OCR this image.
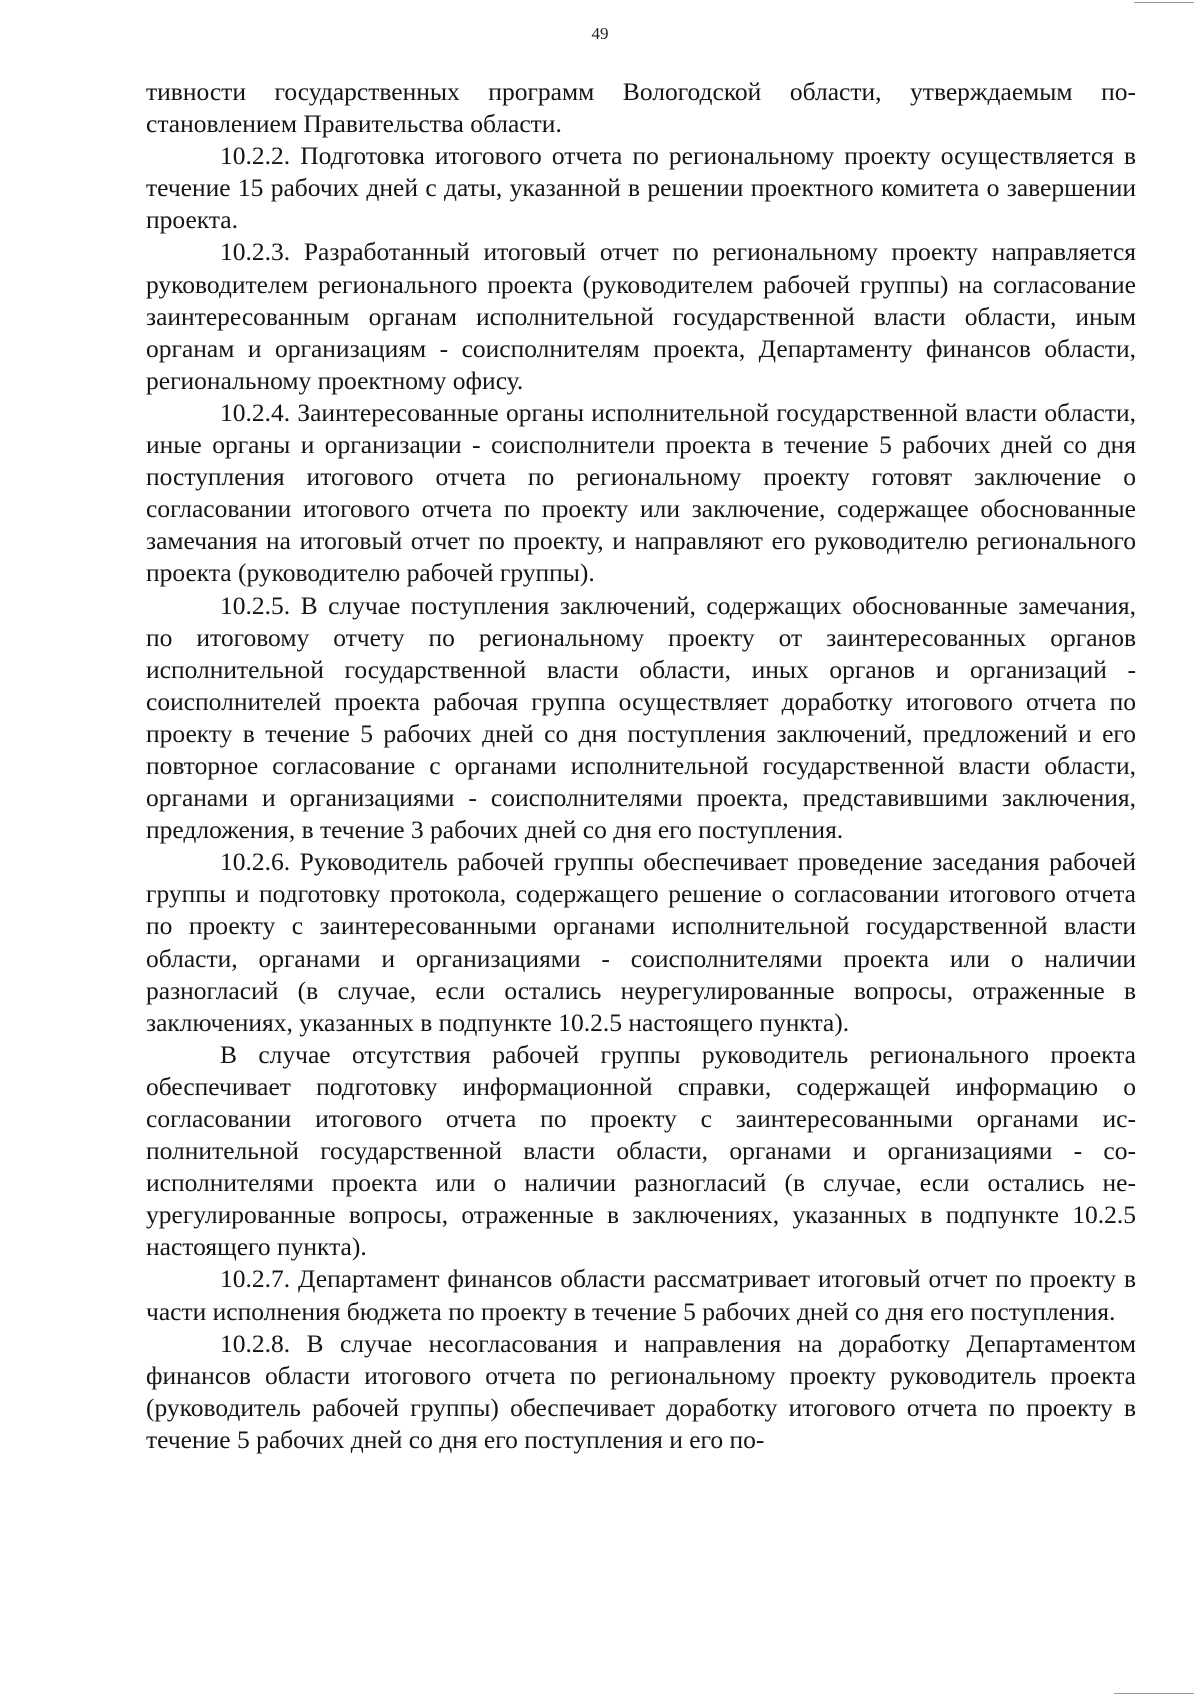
49

тивности государственных программ Вологодской области, утверждаемым постановлением Правительства области.

10.2.2. Подготовка итогового отчета по региональному проекту осуществляется в течение 15 рабочих дней с даты, указанной в решении проектного комитета о завершении проекта.

10.2.3. Разработанный итоговый отчет по региональному проекту направляется руководителем регионального проекта (руководителем рабочей группы) на согласование заинтересованным органам исполнительной государственной власти области, иным органам и организациям - соисполнителям проекта, Департаменту финансов области, региональному проектному офису.

10.2.4. Заинтересованные органы исполнительной государственной власти области, иные органы и организации - соисполнители проекта в течение 5 рабочих дней со дня поступления итогового отчета по региональному проекту готовят заключение о согласовании итогового отчета по проекту или заключение, содержащее обоснованные замечания на итоговый отчет по проекту, и направляют его руководителю регионального проекта (руководителю рабочей группы).

10.2.5. В случае поступления заключений, содержащих обоснованные замечания, по итоговому отчету по региональному проекту от заинтересованных органов исполнительной государственной власти области, иных органов и организаций - соисполнителей проекта рабочая группа осуществляет доработку итогового отчета по проекту в течение 5 рабочих дней со дня поступления заключений, предложений и его повторное согласование с органами исполнительной государственной власти области, органами и организациями - соисполнителями проекта, представившими заключения, предложения, в течение 3 рабочих дней со дня его поступления.

10.2.6. Руководитель рабочей группы обеспечивает проведение заседания рабочей группы и подготовку протокола, содержащего решение о согласовании итогового отчета по проекту с заинтересованными органами исполнительной государственной власти области, органами и организациями - соисполнителями проекта или о наличии разногласий (в случае, если остались неурегулированные вопросы, отраженные в заключениях, указанных в подпункте 10.2.5 настоящего пункта).

В случае отсутствия рабочей группы руководитель регионального проекта обеспечивает подготовку информационной справки, содержащей информацию о согласовании итогового отчета по проекту с заинтересованными органами исполнительной государственной власти области, органами и организациями - соисполнителями проекта или о наличии разногласий (в случае, если остались неурегулированные вопросы, отраженные в заключениях, указанных в подпункте 10.2.5 настоящего пункта).

10.2.7. Департамент финансов области рассматривает итоговый отчет по проекту в части исполнения бюджета по проекту в течение 5 рабочих дней со дня его поступления.

10.2.8. В случае несогласования и направления на доработку Департаментом финансов области итогового отчета по региональному проекту руководитель проекта (руководитель рабочей группы) обеспечивает доработку итогового отчета по проекту в течение 5 рабочих дней со дня его поступления и его по-
